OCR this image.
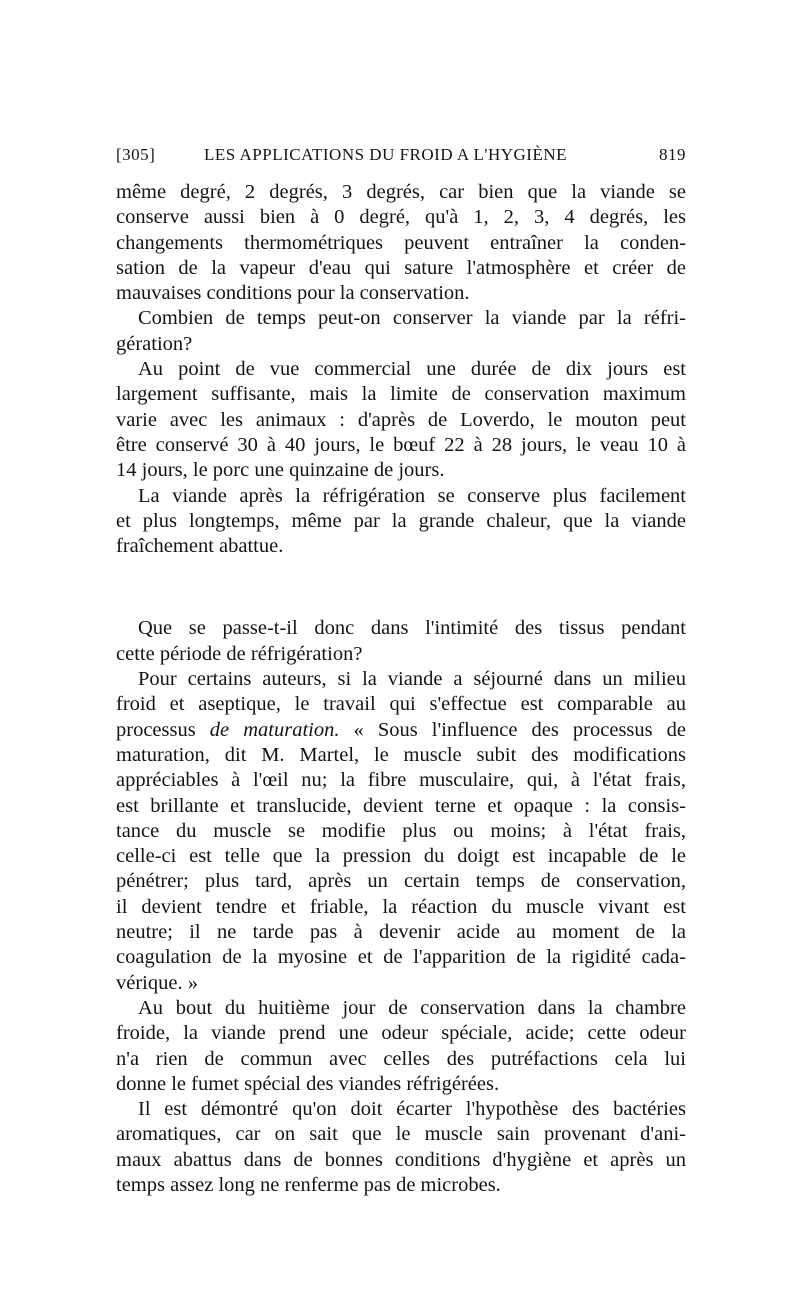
[305]	LES APPLICATIONS DU FROID A L'HYGIÈNE	819
même degré, 2 degrés, 3 degrés, car bien que la viande se
conserve aussi bien à 0 degré, qu'à 1, 2, 3, 4 degrés, les
changements thermométriques peuvent entraîner la conden-
sation de la vapeur d'eau qui sature l'atmosphère et créer de
mauvaises conditions pour la conservation.
Combien de temps peut-on conserver la viande par la réfri-
gération?
Au point de vue commercial une durée de dix jours est
largement suffisante, mais la limite de conservation maximum
varie avec les animaux : d'après de Loverdo, le mouton peut
être conservé 30 à 40 jours, le bœuf 22 à 28 jours, le veau 10 à
14 jours, le porc une quinzaine de jours.
La viande après la réfrigération se conserve plus facilement
et plus longtemps, même par la grande chaleur, que la viande
fraîchement abattue.
Que se passe-t-il donc dans l'intimité des tissus pendant
cette période de réfrigération?
Pour certains auteurs, si la viande a séjourné dans un milieu
froid et aseptique, le travail qui s'effectue est comparable au
processus de maturation. « Sous l'influence des processus de
maturation, dit M. Martel, le muscle subit des modifications
appréciables à l'œil nu; la fibre musculaire, qui, à l'état frais,
est brillante et translucide, devient terne et opaque : la consis-
tance du muscle se modifie plus ou moins; à l'état frais,
celle-ci est telle que la pression du doigt est incapable de le
pénétrer; plus tard, après un certain temps de conservation,
il devient tendre et friable, la réaction du muscle vivant est
neutre; il ne tarde pas à devenir acide au moment de la
coagulation de la myosine et de l'apparition de la rigidité cada-
vérique. »
Au bout du huitième jour de conservation dans la chambre
froide, la viande prend une odeur spéciale, acide; cette odeur
n'a rien de commun avec celles des putréfactions cela lui
donne le fumet spécial des viandes réfrigérées.
Il est démontré qu'on doit écarter l'hypothèse des bactéries
aromatiques, car on sait que le muscle sain provenant d'ani-
maux abattus dans de bonnes conditions d'hygiène et après un
temps assez long ne renferme pas de microbes.
